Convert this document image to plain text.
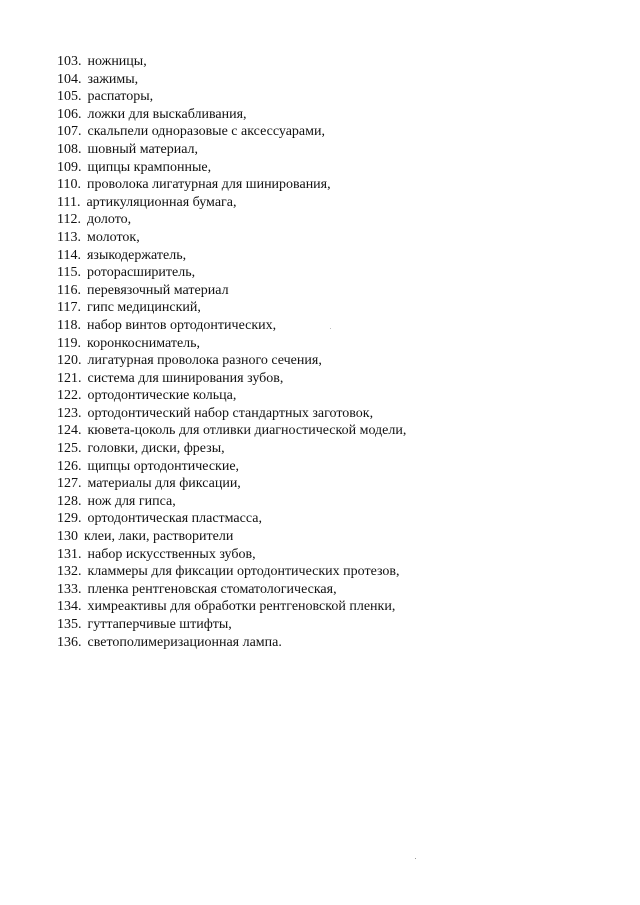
103. ножницы,
104. зажимы,
105. распаторы,
106. ложки для выскабливания,
107. скальпели одноразовые с аксессуарами,
108. шовный материал,
109. щипцы крампонные,
110. проволока лигатурная для шинирования,
111. артикуляционная бумага,
112. долото,
113. молоток,
114. языкодержатель,
115. роторасширитель,
116. перевязочный материал
117. гипс медицинский,
118. набор винтов ортодонтических,
119. коронкосниматель,
120. лигатурная проволока разного сечения,
121. система для шинирования зубов,
122. ортодонтические кольца,
123. ортодонтический набор стандартных заготовок,
124. кювета-цоколь для отливки диагностической модели,
125. головки, диски, фрезы,
126. щипцы ортодонтические,
127. материалы для фиксации,
128. нож для гипса,
129. ортодонтическая пластмасса,
130 клеи, лаки, растворители
131. набор искусственных зубов,
132. кламмеры для фиксации ортодонтических протезов,
133. пленка рентгеновская стоматологическая,
134. химреактивы для обработки рентгеновской пленки,
135. гуттаперчивые штифты,
136. светополимеризационная лампа.
